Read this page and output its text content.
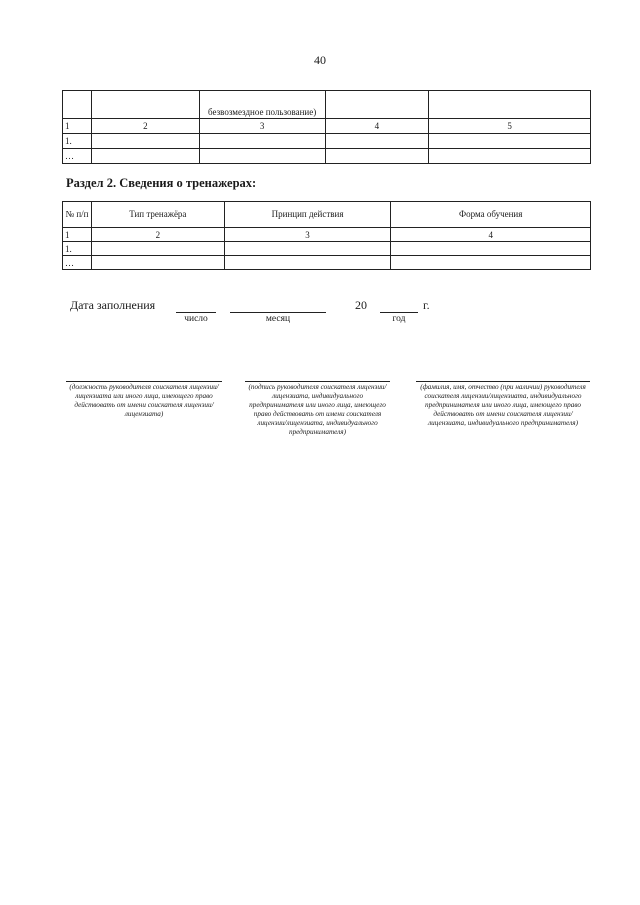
40
		безвозмездное пользование)		
1	2	3	4	5
1.				
…				
Раздел 2. Сведения о тренажерах:
№ п/п	Тип тренажёра	Принцип действия	Форма обучения
1	2	3	4
1.			
…			
Дата заполнения
число	месяц
20
год
г.
(должность руководителя соискателя лицензии/лицензиата или иного лица, имеющего право действовать от имени соискателя лицензии/лицензиата)
(подпись руководителя соискателя лицензии/лицензиата, индивидуального предпринимателя или иного лица, имеющего право действовать от имени соискателя лицензии/лицензиата, индивидуального предпринимателя)
(фамилия, имя, отчество (при наличии) руководителя соискателя лицензии/лицензиата, индивидуального предпринимателя или иного лица, имеющего право действовать от имени соискателя лицензии/лицензиата, индивидуального предпринимателя)
